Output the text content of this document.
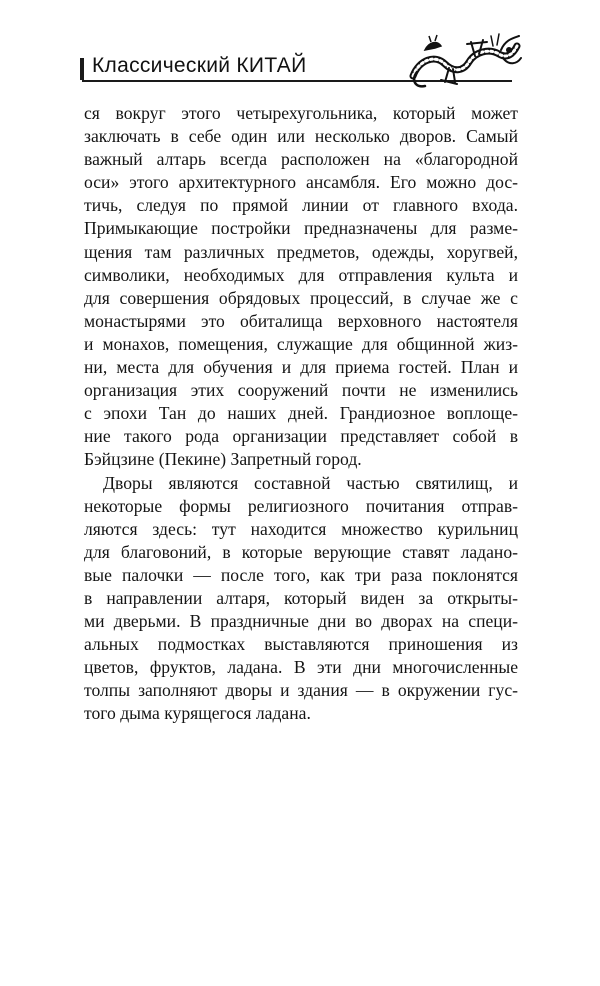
Классический КИТАЙ
ся вокруг этого четырехугольника, который может
заключать в себе один или несколько дворов. Самый
важный алтарь всегда расположен на «благородной
оси» этого архитектурного ансамбля. Его можно дос-
тичь, следуя по прямой линии от главного входа.
Примыкающие постройки предназначены для разме-
щения там различных предметов, одежды, хоругвей,
символики, необходимых для отправления культа и
для совершения обрядовых процессий, в случае же с
монастырями это обиталища верховного настоятеля
и монахов, помещения, служащие для общинной жиз-
ни, места для обучения и для приема гостей. План и
организация этих сооружений почти не изменились
с эпохи Тан до наших дней. Грандиозное воплоще-
ние такого рода организации представляет собой в
Бэйцзине (Пекине) Запретный город.
Дворы являются составной частью святилищ, и
некоторые формы религиозного почитания отправ-
ляются здесь: тут находится множество курильниц
для благовоний, в которые верующие ставят ладано-
вые палочки — после того, как три раза поклонятся
в направлении алтаря, который виден за открыты-
ми дверьми. В праздничные дни во дворах на специ-
альных подмостках выставляются приношения из
цветов, фруктов, ладана. В эти дни многочисленные
толпы заполняют дворы и здания — в окружении гус-
того дыма курящегося ладана.
